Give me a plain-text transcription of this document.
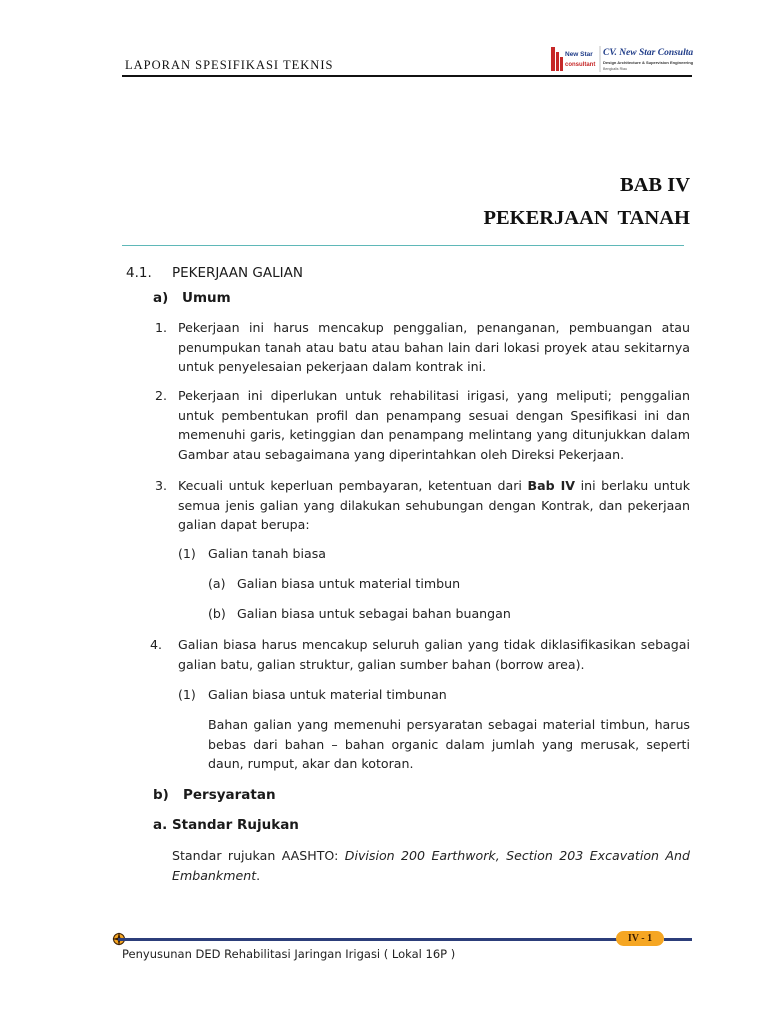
LAPORAN SPESIFIKASI TEKNIS
New Star
consultant
CV. New Star Consultant
Design Architecture & Supervision Engineering
Bengkalis Riau
BAB IV
PEKERJAAN TANAH
4.1. PEKERJAAN GALIAN
a) Umum
1. Pekerjaan ini harus mencakup penggalian, penanganan, pembuangan atau
penumpukan tanah atau batu atau bahan lain dari lokasi proyek atau sekitarnya
untuk penyelesaian pekerjaan dalam kontrak ini.
2. Pekerjaan ini diperlukan untuk rehabilitasi irigasi, yang meliputi; penggalian
untuk pembentukan profil dan penampang sesuai dengan Spesifikasi ini dan
memenuhi garis, ketinggian dan penampang melintang yang ditunjukkan dalam
Gambar atau sebagaimana yang diperintahkan oleh Direksi Pekerjaan.
3. Kecuali untuk keperluan pembayaran, ketentuan dari Bab IV ini berlaku untuk
semua jenis galian yang dilakukan sehubungan dengan Kontrak, dan pekerjaan
galian dapat berupa:
(1) Galian tanah biasa
(a) Galian biasa untuk material timbun
(b) Galian biasa untuk sebagai bahan buangan
4. Galian biasa harus mencakup seluruh galian yang tidak diklasifikasikan sebagai
galian batu, galian struktur, galian sumber bahan (borrow area).
(1) Galian biasa untuk material timbunan
Bahan galian yang memenuhi persyaratan sebagai material timbun, harus
bebas dari bahan – bahan organic dalam jumlah yang merusak, seperti
daun, rumput, akar dan kotoran.
b) Persyaratan
a. Standar Rujukan
Standar rujukan AASHTO: Division 200 Earthwork, Section 203 Excavation And
Embankment.
IV - 1
Penyusunan DED Rehabilitasi Jaringan Irigasi ( Lokal 16P )
